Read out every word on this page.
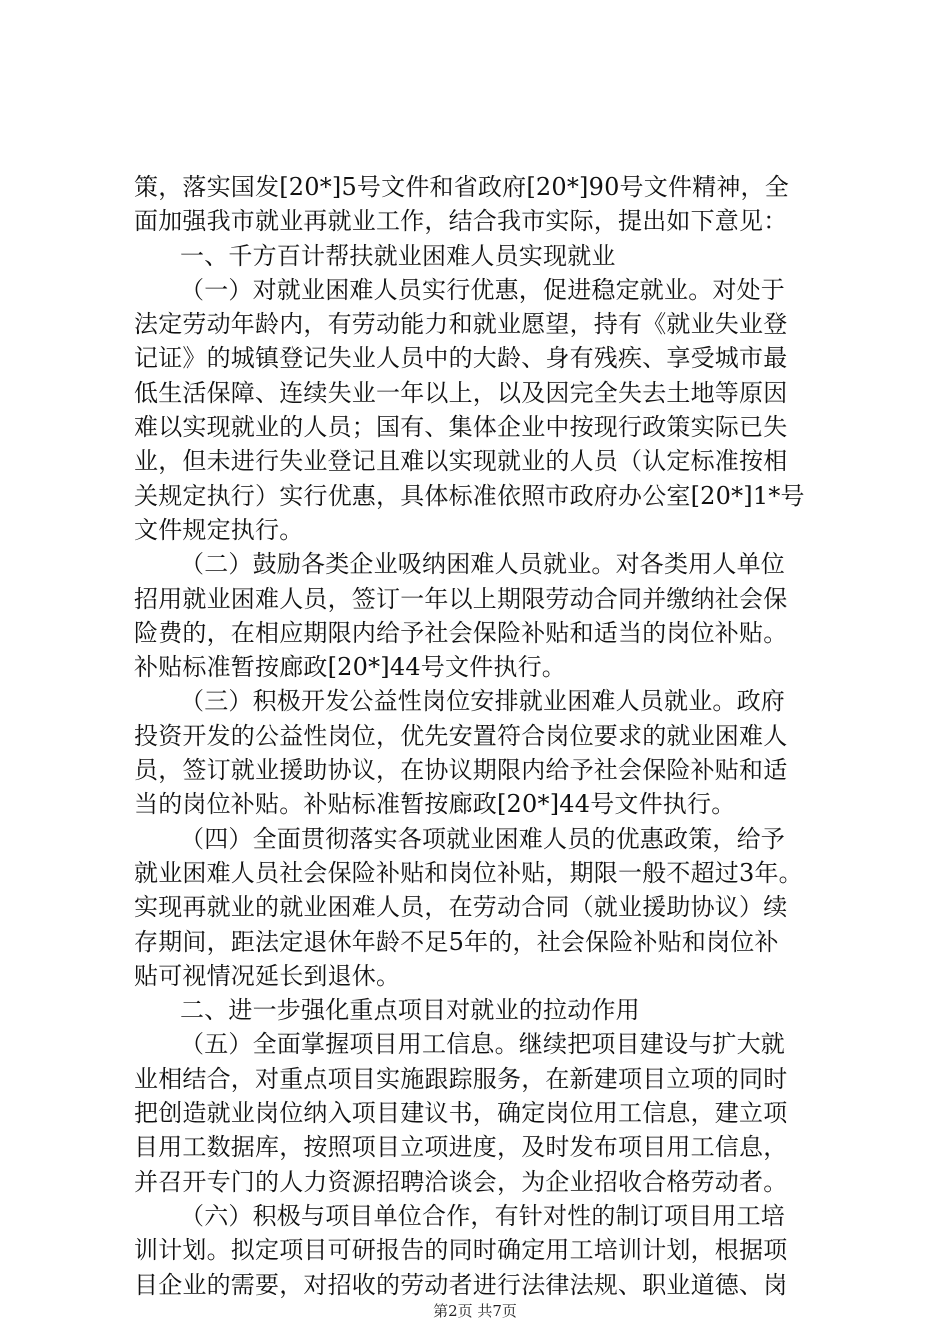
策，落实国发[20*]5号文件和省政府[20*]90号文件精神，全
面加强我市就业再就业工作，结合我市实际，提出如下意见：
一、千方百计帮扶就业困难人员实现就业
（一）对就业困难人员实行优惠，促进稳定就业。对处于
法定劳动年龄内，有劳动能力和就业愿望，持有《就业失业登
记证》的城镇登记失业人员中的大龄、身有残疾、享受城市最
低生活保障、连续失业一年以上，以及因完全失去土地等原因
难以实现就业的人员；国有、集体企业中按现行政策实际已失
业，但未进行失业登记且难以实现就业的人员（认定标准按相
关规定执行）实行优惠，具体标准依照市政府办公室[20*]1*号
文件规定执行。
（二）鼓励各类企业吸纳困难人员就业。对各类用人单位
招用就业困难人员，签订一年以上期限劳动合同并缴纳社会保
险费的，在相应期限内给予社会保险补贴和适当的岗位补贴。
补贴标准暂按廊政[20*]44号文件执行。
（三）积极开发公益性岗位安排就业困难人员就业。政府
投资开发的公益性岗位，优先安置符合岗位要求的就业困难人
员，签订就业援助协议，在协议期限内给予社会保险补贴和适
当的岗位补贴。补贴标准暂按廊政[20*]44号文件执行。
（四）全面贯彻落实各项就业困难人员的优惠政策，给予
就业困难人员社会保险补贴和岗位补贴，期限一般不超过3年。
实现再就业的就业困难人员，在劳动合同（就业援助协议）续
存期间，距法定退休年龄不足5年的，社会保险补贴和岗位补
贴可视情况延长到退休。
二、进一步强化重点项目对就业的拉动作用
（五）全面掌握项目用工信息。继续把项目建设与扩大就
业相结合，对重点项目实施跟踪服务，在新建项目立项的同时
把创造就业岗位纳入项目建议书，确定岗位用工信息，建立项
目用工数据库，按照项目立项进度，及时发布项目用工信息，
并召开专门的人力资源招聘洽谈会，为企业招收合格劳动者。
（六）积极与项目单位合作，有针对性的制订项目用工培
训计划。拟定项目可研报告的同时确定用工培训计划，根据项
目企业的需要，对招收的劳动者进行法律法规、职业道德、岗
第2页 共7页
